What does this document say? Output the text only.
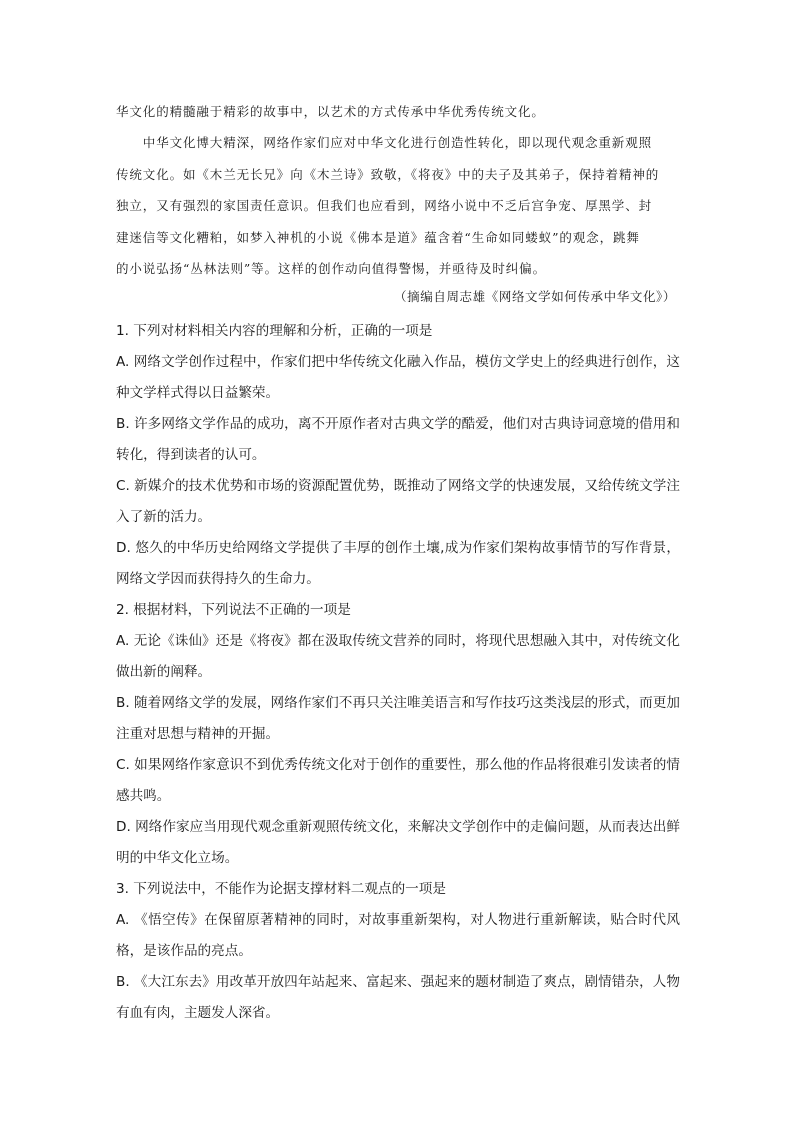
华文化的精髓融于精彩的故事中，以艺术的方式传承中华优秀传统文化。

　　中华文化博大精深，网络作家们应对中华文化进行创造性转化，即以现代观念重新观照

传统文化。如《木兰无长兄》向《木兰诗》致敬，《将夜》中的夫子及其弟子，保持着精神的

独立，又有强烈的家国责任意识。但我们也应看到，网络小说中不乏后宫争宠、厚黑学、封

建迷信等文化糟粕，如梦入神机的小说《佛本是道》蕴含着“生命如同蝼蚁”的观念，跳舞

的小说弘扬“丛林法则”等。这样的创作动向值得警惕，并亟待及时纠偏。

（摘编自周志雄《网络文学如何传承中华文化》）

1. 下列对材料相关内容的理解和分析，正确的一项是

A. 网络文学创作过程中，作家们把中华传统文化融入作品，模仿文学史上的经典进行创作，这种文学样式得以日益繁荣。

B. 许多网络文学作品的成功，离不开原作者对古典文学的酷爱，他们对古典诗词意境的借用和转化，得到读者的认可。

C. 新媒介的技术优势和市场的资源配置优势，既推动了网络文学的快速发展，又给传统文学注入了新的活力。

D. 悠久的中华历史给网络文学提供了丰厚的创作土壤,成为作家们架构故事情节的写作背景，网络文学因而获得持久的生命力。

2. 根据材料，下列说法不正确的一项是

A. 无论《诛仙》还是《将夜》都在汲取传统文营养的同时，将现代思想融入其中，对传统文化做出新的阐释。

B. 随着网络文学的发展，网络作家们不再只关注唯美语言和写作技巧这类浅层的形式，而更加注重对思想与精神的开掘。

C. 如果网络作家意识不到优秀传统文化对于创作的重要性，那么他的作品将很难引发读者的情感共鸣。

D. 网络作家应当用现代观念重新观照传统文化，来解决文学创作中的走偏问题，从而表达出鲜明的中华文化立场。

3. 下列说法中，不能作为论据支撑材料二观点的一项是

A. 《悟空传》在保留原著精神的同时，对故事重新架构，对人物进行重新解读，贴合时代风格，是该作品的亮点。

B. 《大江东去》用改革开放四年站起来、富起来、强起来的题材制造了爽点，剧情错杂，人物有血有肉，主题发人深省。
